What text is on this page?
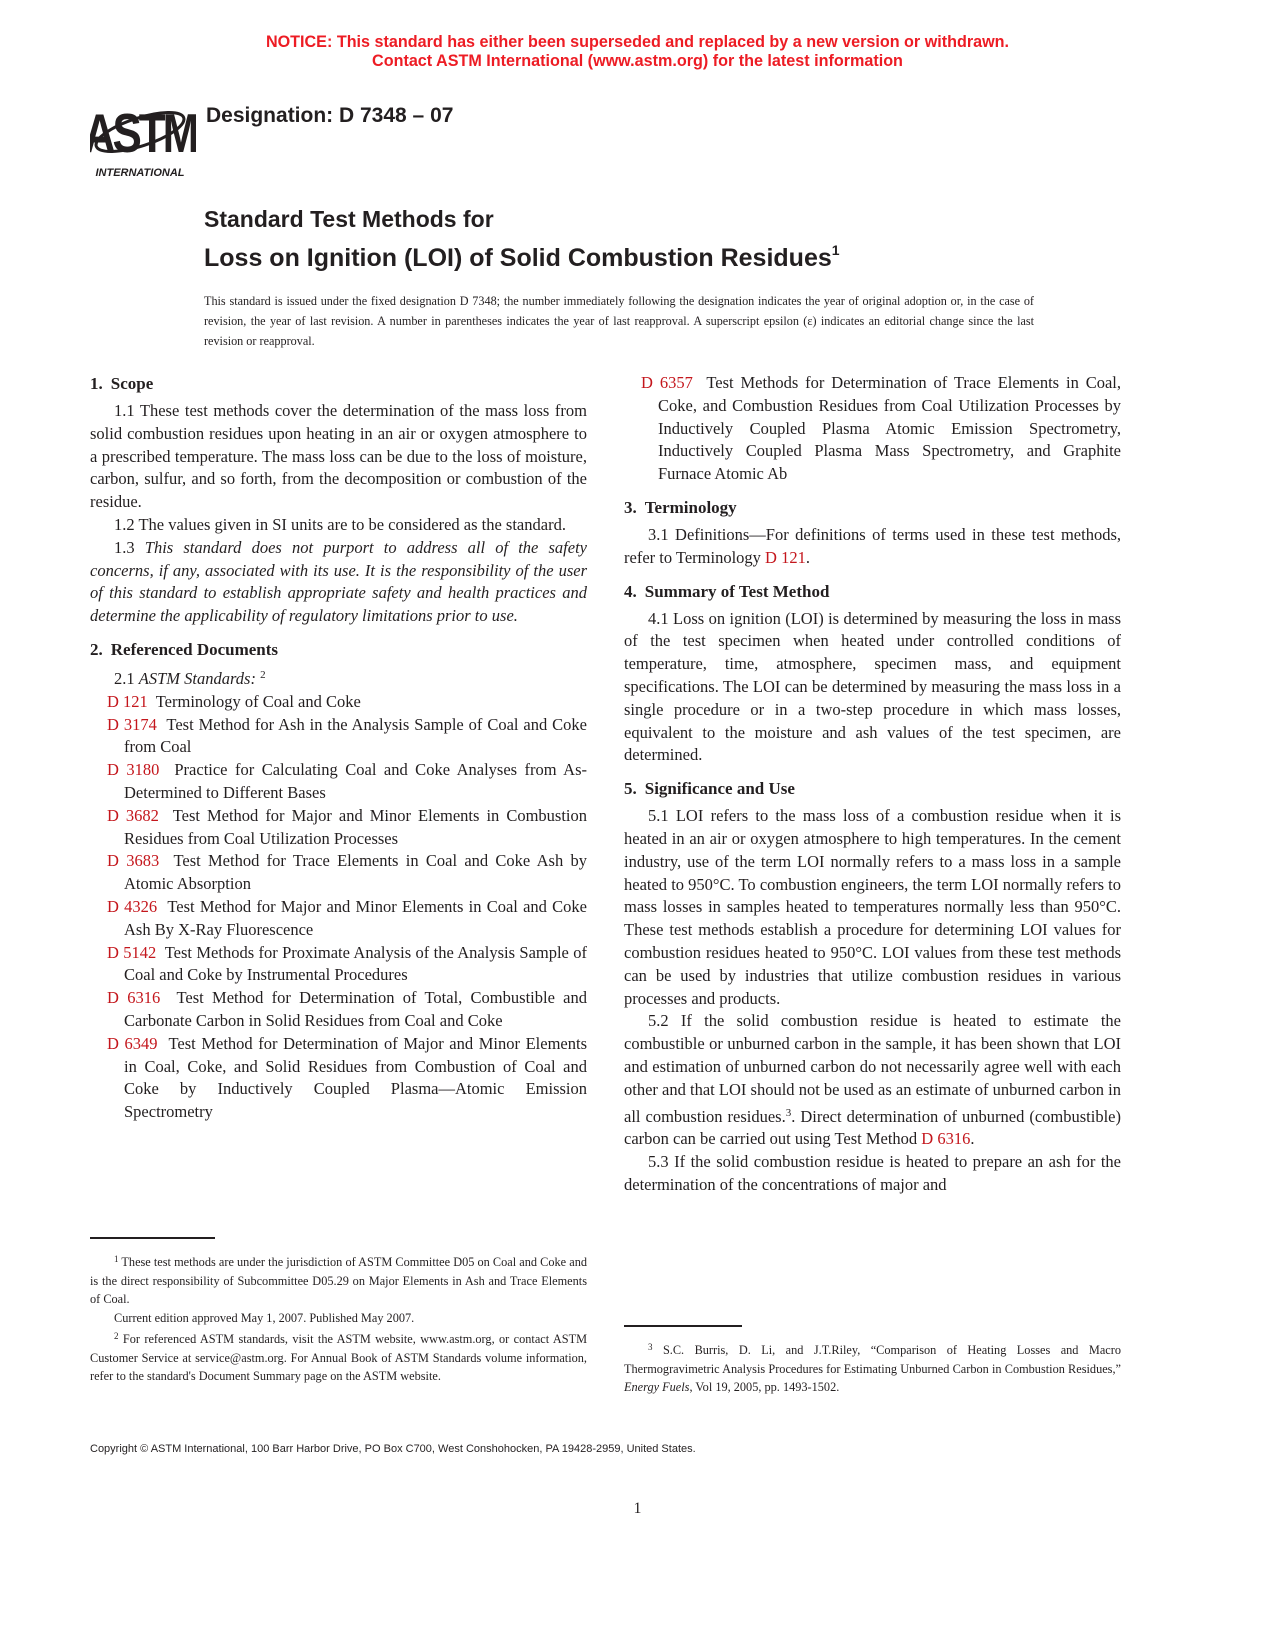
NOTICE: This standard has either been superseded and replaced by a new version or withdrawn.
Contact ASTM International (www.astm.org) for the latest information
ASTM
INTERNATIONAL
Designation: D 7348 – 07
Standard Test Methods for
Loss on Ignition (LOI) of Solid Combustion Residues$^1$
This standard is issued under the fixed designation D 7348; the number immediately following the designation indicates the year of original adoption or, in the case of revision, the year of last revision. A number in parentheses indicates the year of last reapproval. A superscript epsilon (ε) indicates an editorial change since the last revision or reapproval.
1. Scope

1.1 These test methods cover the determination of the mass loss from solid combustion residues upon heating in an air or oxygen atmosphere to a prescribed temperature. The mass loss can be due to the loss of moisture, carbon, sulfur, and so forth, from the decomposition or combustion of the residue.

1.2 The values given in SI units are to be considered as the standard.

1.3 This standard does not purport to address all of the safety concerns, if any, associated with its use. It is the responsibility of the user of this standard to establish appropriate safety and health practices and determine the applicability of regulatory limitations prior to use.

2. Referenced Documents

2.1 ASTM Standards: $^2$

D 121 Terminology of Coal and Coke

D 3174 Test Method for Ash in the Analysis Sample of Coal and Coke from Coal

D 3180 Practice for Calculating Coal and Coke Analyses from As-Determined to Different Bases

D 3682 Test Method for Major and Minor Elements in Combustion Residues from Coal Utilization Processes

D 3683 Test Method for Trace Elements in Coal and Coke Ash by Atomic Absorption

D 4326 Test Method for Major and Minor Elements in Coal and Coke Ash By X-Ray Fluorescence

D 5142 Test Methods for Proximate Analysis of the Analysis Sample of Coal and Coke by Instrumental Procedures

D 6316 Test Method for Determination of Total, Combustible and Carbonate Carbon in Solid Residues from Coal and Coke

D 6349 Test Method for Determination of Major and Minor Elements in Coal, Coke, and Solid Residues from Combustion of Coal and Coke by Inductively Coupled Plasma—Atomic Emission Spectrometry

D 6357 Test Methods for Determination of Trace Elements in Coal, Coke, and Combustion Residues from Coal Utilization Processes by Inductively Coupled Plasma Atomic Emission Spectrometry, Inductively Coupled Plasma Mass Spectrometry, and Graphite Furnace Atomic Ab

3. Terminology

3.1 Definitions—For definitions of terms used in these test methods, refer to Terminology D 121.

4. Summary of Test Method

4.1 Loss on ignition (LOI) is determined by measuring the loss in mass of the test specimen when heated under controlled conditions of temperature, time, atmosphere, specimen mass, and equipment specifications. The LOI can be determined by measuring the mass loss in a single procedure or in a two-step procedure in which mass losses, equivalent to the moisture and ash values of the test specimen, are determined.

5. Significance and Use

5.1 LOI refers to the mass loss of a combustion residue when it is heated in an air or oxygen atmosphere to high temperatures. In the cement industry, use of the term LOI normally refers to a mass loss in a sample heated to 950°C. To combustion engineers, the term LOI normally refers to mass losses in samples heated to temperatures normally less than 950°C. These test methods establish a procedure for determining LOI values for combustion residues heated to 950°C. LOI values from these test methods can be used by industries that utilize combustion residues in various processes and products.

5.2 If the solid combustion residue is heated to estimate the combustible or unburned carbon in the sample, it has been shown that LOI and estimation of unburned carbon do not necessarily agree well with each other and that LOI should not be used as an estimate of unburned carbon in all combustion residues.$^3$. Direct determination of unburned (combustible) carbon can be carried out using Test Method D 6316.

5.3 If the solid combustion residue is heated to prepare an ash for the determination of the concentrations of major and

$^1$ These test methods are under the jurisdiction of ASTM Committee D05 on Coal and Coke and is the direct responsibility of Subcommittee D05.29 on Major Elements in Ash and Trace Elements of Coal.

Current edition approved May 1, 2007. Published May 2007.

$^2$ For referenced ASTM standards, visit the ASTM website, www.astm.org, or contact ASTM Customer Service at service@astm.org. For Annual Book of ASTM Standards volume information, refer to the standard's Document Summary page on the ASTM website.

$^3$ S.C. Burris, D. Li, and J.T.Riley, “Comparison of Heating Losses and Macro Thermogravimetric Analysis Procedures for Estimating Unburned Carbon in Combustion Residues,” Energy Fuels, Vol 19, 2005, pp. 1493-1502.

Copyright © ASTM International, 100 Barr Harbor Drive, PO Box C700, West Conshohocken, PA 19428-2959, United States.
1
